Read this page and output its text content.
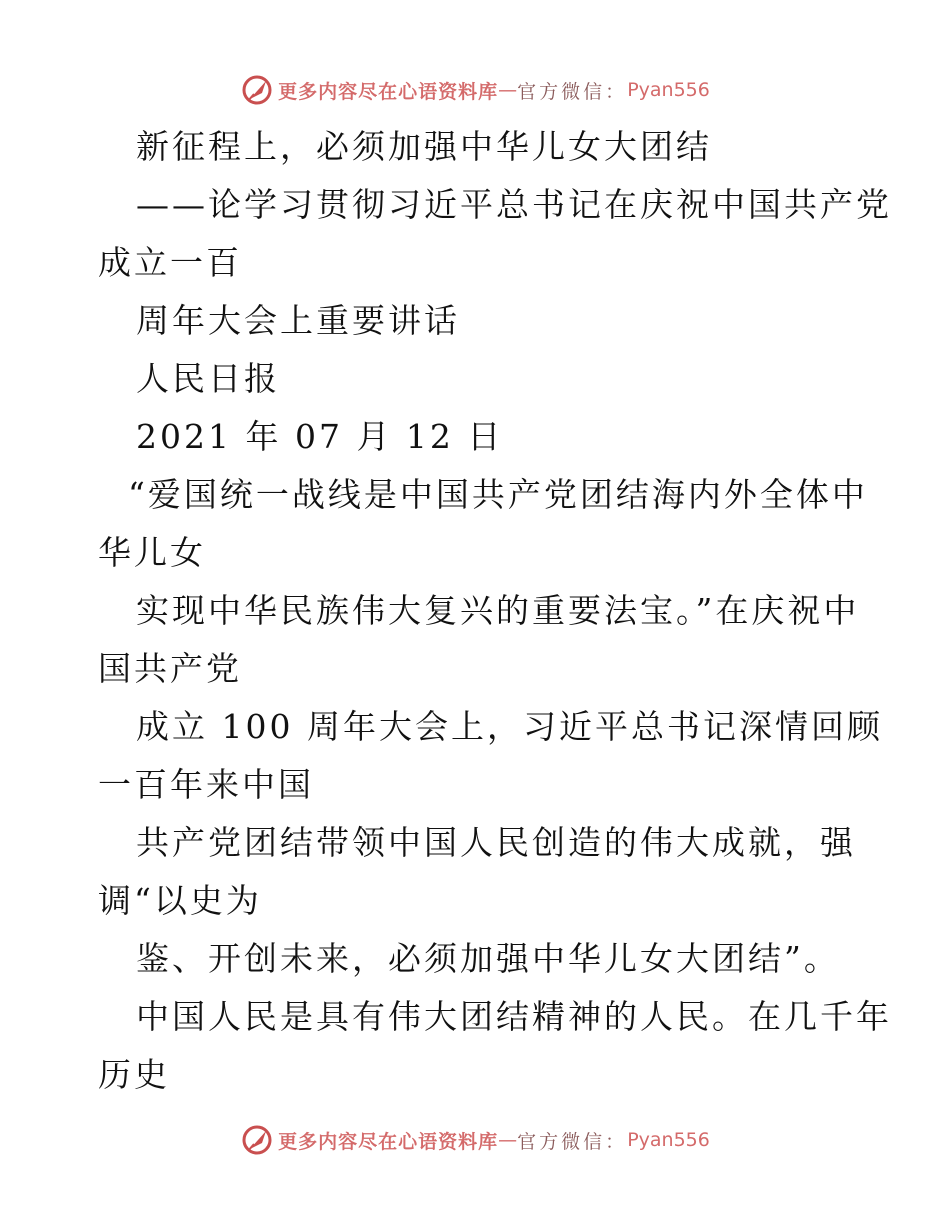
更多内容尽在心语资料库 — 官方微信： Pyan556
新征程上，必须加强中华儿女大团结
——论学习贯彻习近平总书记在庆祝中国共产党
成立一百
周年大会上重要讲话
人民日报
2021 年 07 月 12 日
“爱国统一战线是中国共产党团结海内外全体中
华儿女
实现中华民族伟大复兴的重要法宝。”在庆祝中
国共产党
成立 100 周年大会上，习近平总书记深情回顾
一百年来中国
共产党团结带领中国人民创造的伟大成就，强
调“以史为
鉴、开创未来，必须加强中华儿女大团结”。
中国人民是具有伟大团结精神的人民。在几千年
历史
更多内容尽在心语资料库 — 官方微信： Pyan556
